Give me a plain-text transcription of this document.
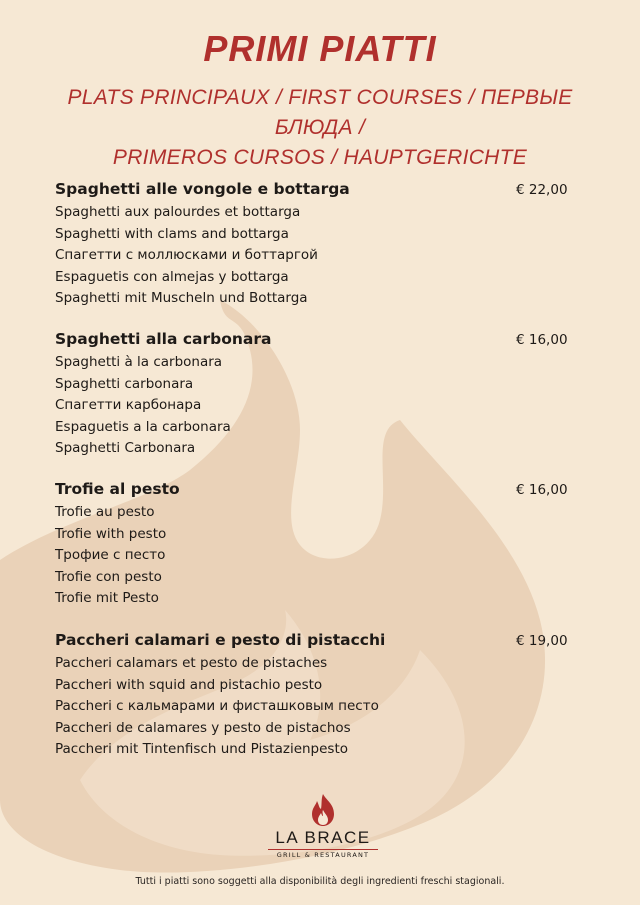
PRIMI PIATTI
PLATS PRINCIPAUX / FIRST COURSES / ПЕРВЫЕ БЛЮДА /
PRIMEROS CURSOS / HAUPTGERICHTE
Spaghetti alle vongole e bottarga	€ 22,00
Spaghetti aux palourdes et bottarga
Spaghetti with clams and bottarga
Спагетти с моллюсками и боттаргой
Espaguetis con almejas y bottarga
Spaghetti mit Muscheln und Bottarga
Spaghetti alla carbonara	€ 16,00
Spaghetti à la carbonara
Spaghetti carbonara
Спагетти карбонара
Espaguetis a la carbonara
Spaghetti Carbonara
Trofie al pesto	€ 16,00
Trofie au pesto
Trofie with pesto
Трофие с песто
Trofie con pesto
Trofie mit Pesto
Paccheri calamari e pesto di pistacchi	€ 19,00
Paccheri calamars et pesto de pistaches
Paccheri with squid and pistachio pesto
Paccheri с кальмарами и фисташковым песто
Paccheri de calamares y pesto de pistachos
Paccheri mit Tintenfisch und Pistazienpesto
LA BRACE
GRILL & RESTAURANT
Tutti i piatti sono soggetti alla disponibilità degli ingredienti freschi stagionali.
